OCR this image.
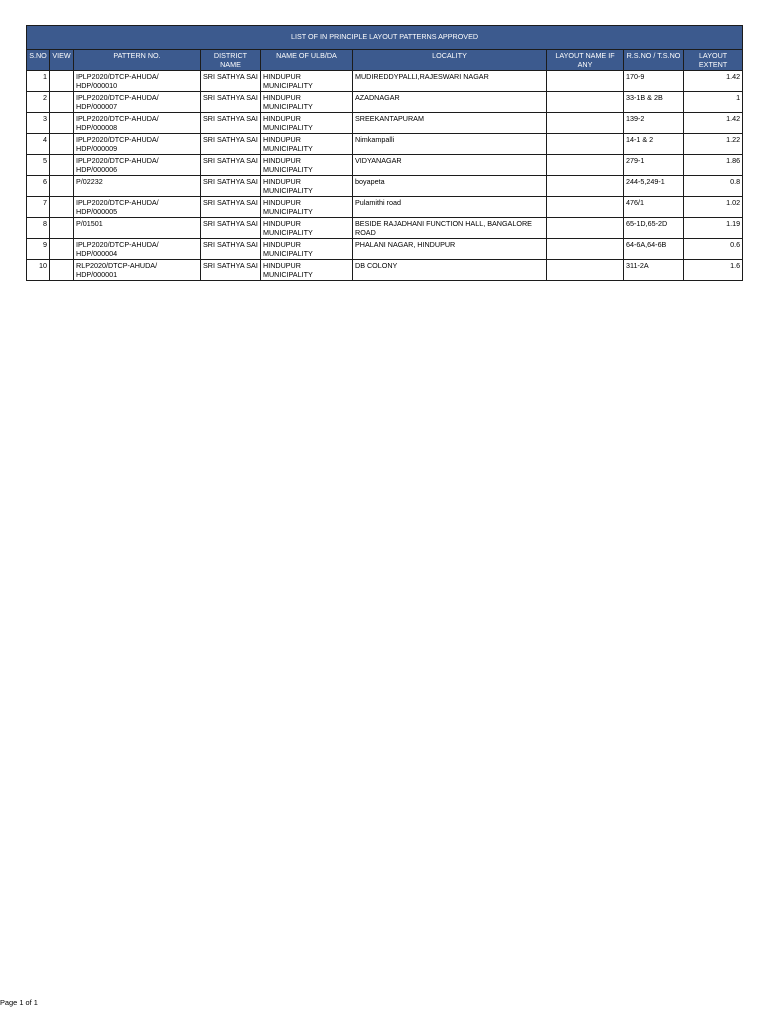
LIST OF IN PRINCIPLE LAYOUT PATTERNS APPROVED								
S.NO	VIEW	PATTERN NO.	DISTRICT NAME	NAME OF ULB/DA	LOCALITY	LAYOUT NAME IF ANY	R.S.NO / T.S.NO	LAYOUT EXTENT
1		IPLP2020/DTCP-AHUDA/ HDP/000010	SRI SATHYA SAI	HINDUPUR MUNICIPALITY	MUDIREDDYPALLI,RAJESWARI NAGAR		170-9	1.42
2		IPLP2020/DTCP-AHUDA/ HDP/000007	SRI SATHYA SAI	HINDUPUR MUNICIPALITY	AZADNAGAR		33-1B & 2B	1
3		IPLP2020/DTCP-AHUDA/ HDP/000008	SRI SATHYA SAI	HINDUPUR MUNICIPALITY	SREEKANTAPURAM		139-2	1.42
4		IPLP2020/DTCP-AHUDA/ HDP/000009	SRI SATHYA SAI	HINDUPUR MUNICIPALITY	Nimkampalli		14-1 & 2	1.22
5		IPLP2020/DTCP-AHUDA/ HDP/000006	SRI SATHYA SAI	HINDUPUR MUNICIPALITY	VIDYANAGAR		279-1	1.86
6		P/02232	SRI SATHYA SAI	HINDUPUR MUNICIPALITY	boyapeta		244-5,249-1	0.8
7		IPLP2020/DTCP-AHUDA/ HDP/000005	SRI SATHYA SAI	HINDUPUR MUNICIPALITY	Pulamithi road		476/1	1.02
8		P/01501	SRI SATHYA SAI	HINDUPUR MUNICIPALITY	BESIDE RAJADHANI FUNCTION HALL, BANGALORE ROAD		65-1D,65-2D	1.19
9		IPLP2020/DTCP-AHUDA/ HDP/000004	SRI SATHYA SAI	HINDUPUR MUNICIPALITY	PHALANI NAGAR, HINDUPUR		64-6A,64-6B	0.6
10		RLP2020/DTCP-AHUDA/ HDP/000001	SRI SATHYA SAI	HINDUPUR MUNICIPALITY	DB COLONY		311-2A	1.6
Page 1 of 1
